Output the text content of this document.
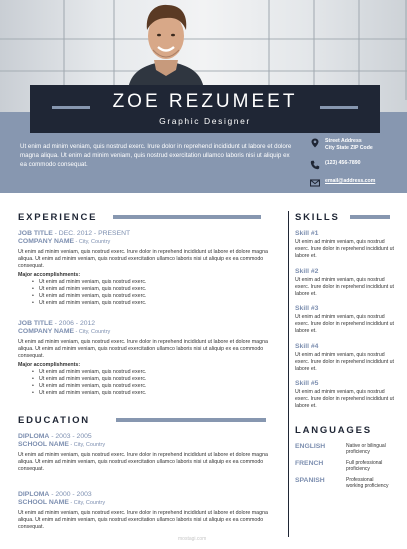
ZOE REZUMEET
Graphic Designer
Ut enim ad minim veniam, quis nostrud exerc. Irure dolor in reprehend incididunt ut labore et dolore magna aliqua. Ut enim ad minim veniam, quis nostrud exercitation ullamco laboris nisi ut aliquip ex ea commodo consequat.
Street Address
City State ZIP Code
(123) 456-7890
email@address.com
EXPERIENCE
JOB TITLE - DEC. 2012 - PRESENT
COMPANY NAME - City, Country
Ut enim ad minim veniam, quis nostrud exerc. Irure dolor in reprehend incididunt ut labore et dolore magna aliqua. Ut enim ad minim veniam, quis nostrud exercitation ullamco laboris nisi ut aliquip ex ea commodo consequat.
Major accomplishments:
• Ut enim ad minim veniam, quis nostrud exerc.
• Ut enim ad minim veniam, quis nostrud exerc.
• Ut enim ad minim veniam, quis nostrud exerc.
• Ut enim ad minim veniam, quis nostrud exerc.
JOB TITLE - 2006 - 2012
COMPANY NAME - City, Country
Ut enim ad minim veniam, quis nostrud exerc. Irure dolor in reprehend incididunt ut labore et dolore magna aliqua. Ut enim ad minim veniam, quis nostrud exercitation ullamco laboris nisi ut aliquip ex ea commodo consequat.
Major accomplishments:
• Ut enim ad minim veniam, quis nostrud exerc.
• Ut enim ad minim veniam, quis nostrud exerc.
• Ut enim ad minim veniam, quis nostrud exerc.
• Ut enim ad minim veniam, quis nostrud exerc.
EDUCATION
DIPLOMA - 2003 - 2005
SCHOOL NAME - City, Country
Ut enim ad minim veniam, quis nostrud exerc. Irure dolor in reprehend incididunt ut labore et dolore magna aliqua. Ut enim ad minim veniam, quis nostrud exercitation ullamco laboris nisi ut aliquip ex ea commodo consequat.
DIPLOMA - 2000 - 2003
SCHOOL NAME - City, Country
Ut enim ad minim veniam, quis nostrud exerc. Irure dolor in reprehend incididunt ut labore et dolore magna aliqua. Ut enim ad minim veniam, quis nostrud exercitation ullamco laboris nisi ut aliquip ex ea commodo consequat.
SKILLS
Skill #1
Ut enim ad minim veniam, quis nostrud exerc. Irure dolor in reprehend incididunt ut labore et.
Skill #2
Ut enim ad minim veniam, quis nostrud exerc. Irure dolor in reprehend incididunt ut labore et.
Skill #3
Ut enim ad minim veniam, quis nostrud exerc. Irure dolor in reprehend incididunt ut labore et.
Skill #4
Ut enim ad minim veniam, quis nostrud exerc. Irure dolor in reprehend incididunt ut labore et.
Skill #5
Ut enim ad minim veniam, quis nostrud exerc. Irure dolor in reprehend incididunt ut labore et.
LANGUAGES
ENGLISH	Native or bilingual proficiency
FRENCH	Full professional proficiency
SPANISH	Professional working proficiency
mostagi.com
